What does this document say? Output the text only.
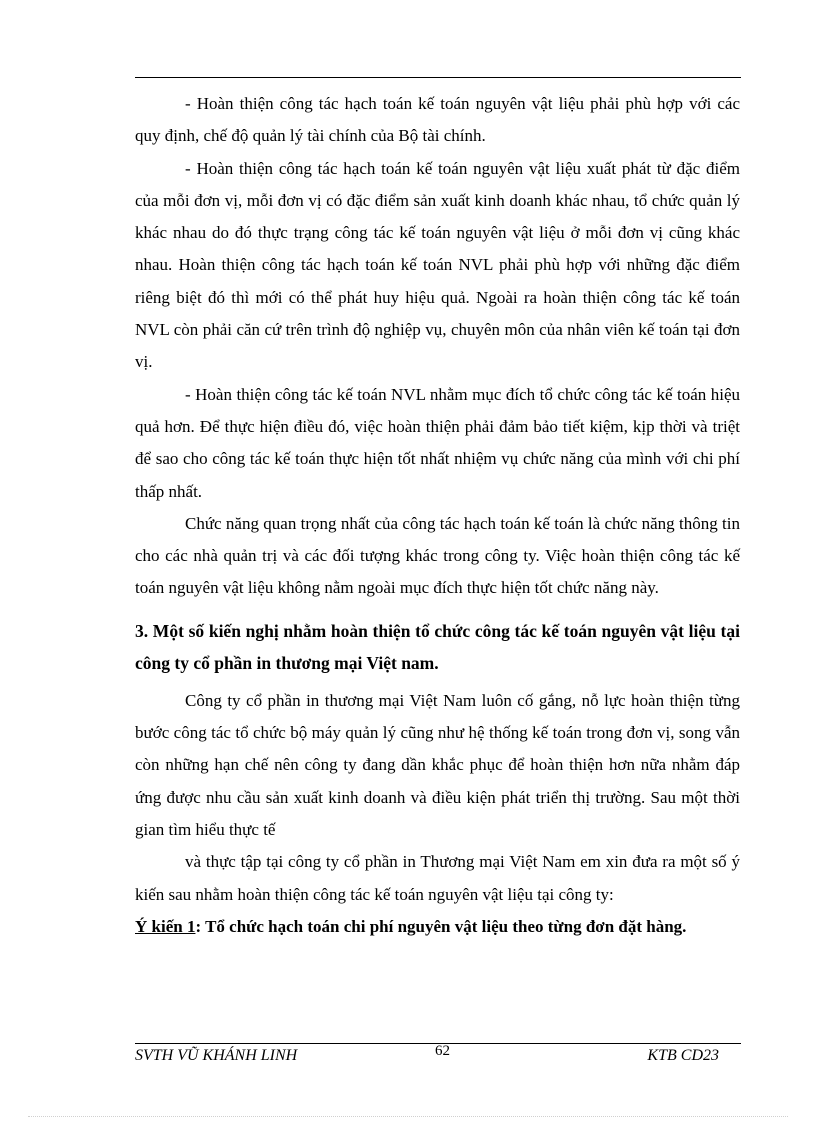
- Hoàn thiện công tác hạch toán kế toán nguyên vật liệu phải phù hợp với các quy định, chế độ quản lý tài chính của Bộ tài chính.

- Hoàn thiện công tác hạch toán kế toán nguyên vật liệu xuất phát từ đặc điểm của mỗi đơn vị, mỗi đơn vị có đặc điểm sản xuất kinh doanh khác nhau, tổ chức quản lý khác nhau do đó thực trạng công tác kế toán nguyên vật liệu ở mỗi đơn vị cũng khác nhau. Hoàn thiện công tác hạch toán kế toán NVL phải phù hợp với những đặc điểm riêng biệt đó thì mới có thể phát huy hiệu quả. Ngoài ra hoàn thiện công tác kế toán NVL còn phải căn cứ trên trình độ nghiệp vụ, chuyên môn của nhân viên kế toán tại đơn vị.

- Hoàn thiện công tác kế toán NVL nhằm mục đích tổ chức công tác kế toán hiệu quả hơn. Để thực hiện điều đó, việc hoàn thiện phải đảm bảo tiết kiệm, kịp thời và triệt để sao cho công tác kế toán thực hiện tốt nhất nhiệm vụ chức năng của mình với chi phí thấp nhất.

Chức năng quan trọng nhất của công tác hạch toán kế toán là chức năng thông tin cho các nhà quản trị và các đối tượng khác trong công ty. Việc hoàn thiện công tác kế toán nguyên vật liệu không nằm ngoài mục đích thực hiện tốt chức năng này.

3. Một số kiến nghị nhằm hoàn thiện tổ chức công tác kế toán nguyên vật liệu tại công ty cổ phần in thương mại Việt nam.

Công ty cổ phần in thương mại Việt Nam luôn cố gắng, nỗ lực hoàn thiện từng bước công tác tổ chức bộ máy quản lý cũng như hệ thống kế toán trong đơn vị, song vẫn còn những hạn chế nên công ty đang dần khắc phục để hoàn thiện hơn nữa nhằm đáp ứng được nhu cầu sản xuất kinh doanh và điều kiện phát triển thị trường. Sau một thời gian tìm hiểu thực tế

và thực tập tại công ty cổ phần in Thương mại Việt Nam em xin đưa ra một số ý kiến sau nhằm hoàn thiện công tác kế toán nguyên vật liệu tại công ty:

Ý kiến 1: Tổ chức hạch toán chi phí nguyên vật liệu theo từng đơn đặt hàng.

SVTH VŨ KHÁNH LINH	62	KTB CD23
